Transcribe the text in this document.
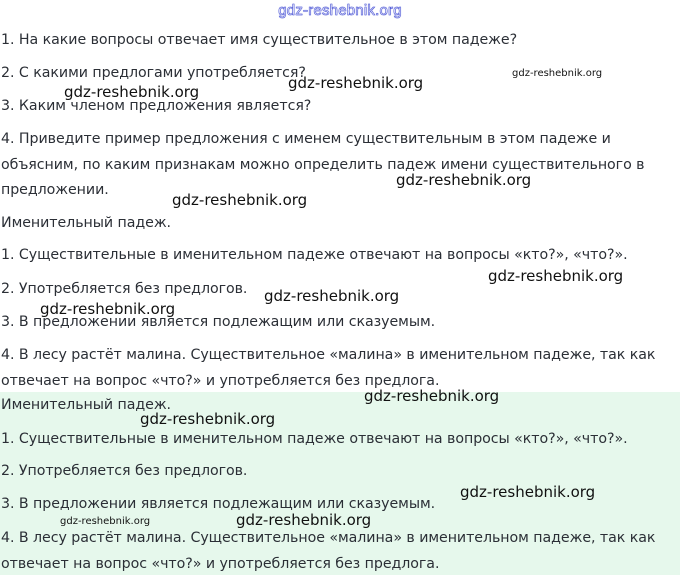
gdz-reshebnik.org
1. На какие вопросы отвечает имя существительное в этом падеже?
2. С какими предлогами употребляется?
3. Каким членом предложения является?
4. Приведите пример предложения с именем существительным в этом падеже и
объясним, по каким признакам можно определить падеж имени существительного в
предложении.
Именительный падеж.
1. Существительные в именительном падеже отвечают на вопросы «кто?», «что?».
2. Употребляется без предлогов.
3. В предложении является подлежащим или сказуемым.
4. В лесу растёт малина. Существительное «малина» в именительном падеже, так как
отвечает на вопрос «что?» и употребляется без предлога.
Именительный падеж.
1. Существительные в именительном падеже отвечают на вопросы «кто?», «что?».
2. Употребляется без предлогов.
3. В предложении является подлежащим или сказуемым.
4. В лесу растёт малина. Существительное «малина» в именительном падеже, так как
отвечает на вопрос «что?» и употребляется без предлога.
gdz-reshebnik.org
gdz-reshebnik.org
gdz-reshebnik.org
gdz-reshebnik.org
gdz-reshebnik.org
gdz-reshebnik.org
gdz-reshebnik.org
gdz-reshebnik.org
gdz-reshebnik.org
gdz-reshebnik.org
gdz-reshebnik.org
gdz-reshebnik.org	gdz-reshebnik.org
